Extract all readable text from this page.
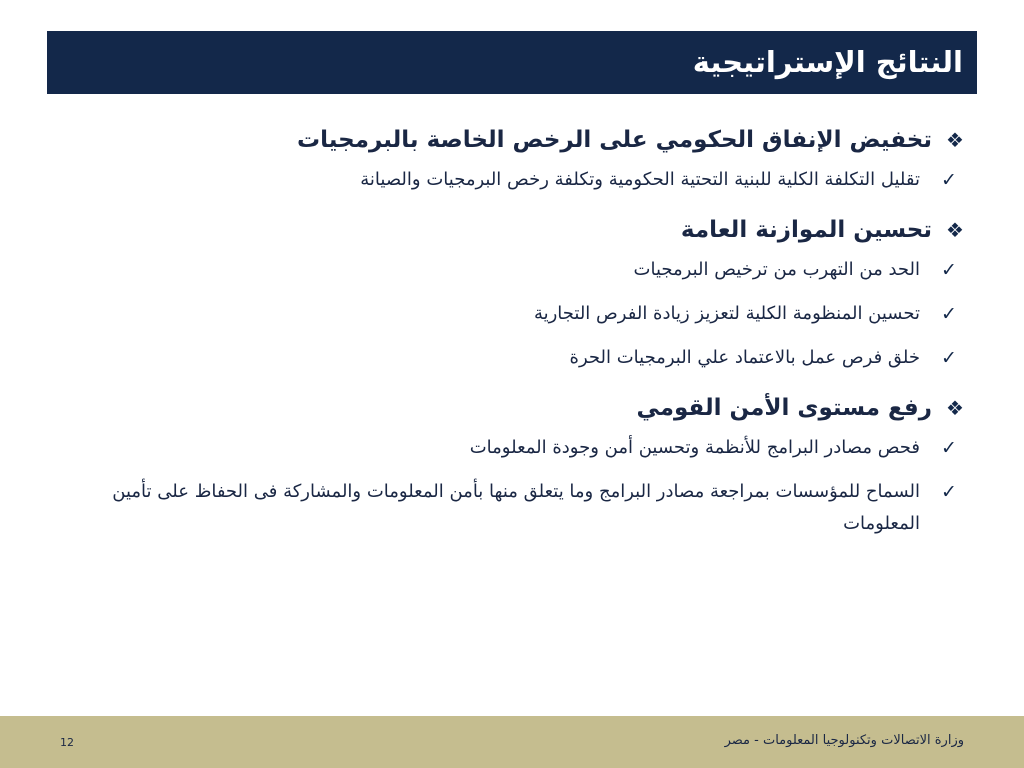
النتائج الإستراتيجية
❖
تخفيض الإنفاق الحكومي على الرخص الخاصة بالبرمجيات
✓
تقليل التكلفة الكلية للبنية التحتية الحكومية وتكلفة رخص البرمجيات والصيانة
❖
تحسين الموازنة العامة
✓
الحد من التهرب من ترخيص البرمجيات
✓
تحسين المنظومة الكلية لتعزيز زيادة الفرص التجارية
✓
خلق فرص عمل بالاعتماد علي البرمجيات الحرة
❖
رفع مستوى الأمن القومي
✓
فحص مصادر البرامج للأنظمة وتحسين أمن وجودة المعلومات
✓
السماح للمؤسسات بمراجعة مصادر البرامج وما يتعلق منها بأمن المعلومات والمشاركة فى الحفاظ على تأمين المعلومات
وزارة الاتصالات وتكنولوجيا المعلومات - مصر
12
